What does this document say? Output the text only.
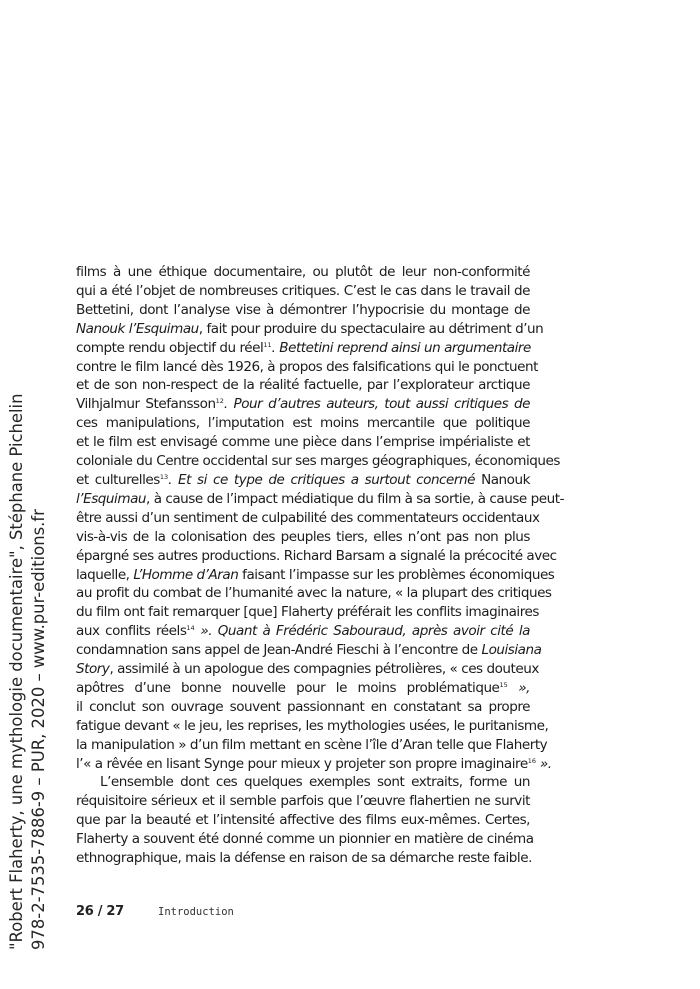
"Robert Flaherty, une mythologie documentaire", Stéphane Pichelin 978-2-7535-7886-9 – PUR, 2020 – www.pur-editions.fr
films à une éthique documentaire, ou plutôt de leur non-conformité
qui a été l’objet de nombreuses critiques. C’est le cas dans le travail de
Bettetini, dont l’analyse vise à démontrer l’hypocrisie du montage de
Nanouk l’Esquimau, fait pour produire du spectaculaire au détriment d’un
compte rendu objectif du réel$^{11}$. Bettetini reprend ainsi un argumentaire
contre le film lancé dès 1926, à propos des falsifications qui le ponctuent
et de son non-respect de la réalité factuelle, par l’explorateur arctique
Vilhjalmur Stefansson$^{12}$. Pour d’autres auteurs, tout aussi critiques de
ces manipulations, l’imputation est moins mercantile que politique
et le film est envisagé comme une pièce dans l’emprise impérialiste et
coloniale du Centre occidental sur ses marges géographiques, économiques
et culturelles$^{13}$. Et si ce type de critiques a surtout concerné Nanouk
l’Esquimau, à cause de l’impact médiatique du film à sa sortie, à cause peut-
être aussi d’un sentiment de culpabilité des commentateurs occidentaux
vis-à-vis de la colonisation des peuples tiers, elles n’ont pas non plus
épargné ses autres productions. Richard Barsam a signalé la précocité avec
laquelle, L’Homme d’Aran faisant l’impasse sur les problèmes économiques
au profit du combat de l’humanité avec la nature, « la plupart des critiques
du film ont fait remarquer [que] Flaherty préférait les conflits imaginaires
aux conflits réels$^{14}$ ». Quant à Frédéric Sabouraud, après avoir cité la
condamnation sans appel de Jean-André Fieschi à l’encontre de Louisiana
Story, assimilé à un apologue des compagnies pétrolières, « ces douteux
apôtres d’une bonne nouvelle pour le moins problématique$^{15}$ »,
il conclut son ouvrage souvent passionnant en constatant sa propre
fatigue devant « le jeu, les reprises, les mythologies usées, le puritanisme,
la manipulation » d’un film mettant en scène l’île d’Aran telle que Flaherty
l’« a rêvée en lisant Synge pour mieux y projeter son propre imaginaire$^{16}$ ».
L’ensemble dont ces quelques exemples sont extraits, forme un
réquisitoire sérieux et il semble parfois que l’œuvre flahertien ne survit
que par la beauté et l’intensité affective des films eux-mêmes. Certes,
Flaherty a souvent été donné comme un pionnier en matière de cinéma
ethnographique, mais la défense en raison de sa démarche reste faible.
26 / 27	Introduction
